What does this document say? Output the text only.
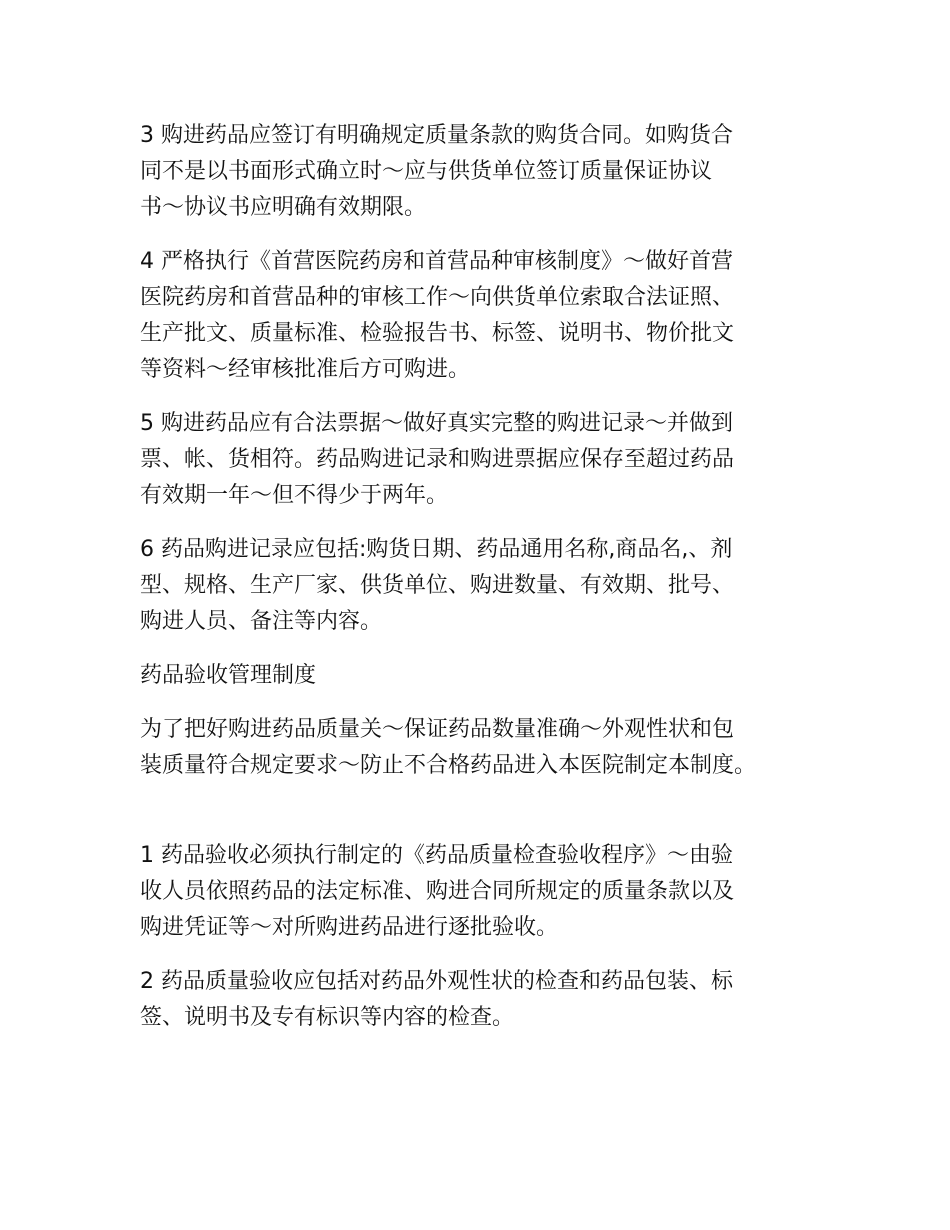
3 购进药品应签订有明确规定质量条款的购货合同。如购货合
同不是以书面形式确立时～应与供货单位签订质量保证协议
书～协议书应明确有效期限。

4 严格执行《首营医院药房和首营品种审核制度》～做好首营
医院药房和首营品种的审核工作～向供货单位索取合法证照、
生产批文、质量标准、检验报告书、标签、说明书、物价批文
等资料～经审核批准后方可购进。

5 购进药品应有合法票据～做好真实完整的购进记录～并做到
票、帐、货相符。药品购进记录和购进票据应保存至超过药品
有效期一年～但不得少于两年。

6 药品购进记录应包括:购货日期、药品通用名称,商品名,、剂
型、规格、生产厂家、供货单位、购进数量、有效期、批号、
购进人员、备注等内容。

药品验收管理制度

为了把好购进药品质量关～保证药品数量准确～外观性状和包
装质量符合规定要求～防止不合格药品进入本医院制定本制度。

1 药品验收必须执行制定的《药品质量检查验收程序》～由验
收人员依照药品的法定标准、购进合同所规定的质量条款以及
购进凭证等～对所购进药品进行逐批验收。

2 药品质量验收应包括对药品外观性状的检查和药品包装、标
签、说明书及专有标识等内容的检查。
